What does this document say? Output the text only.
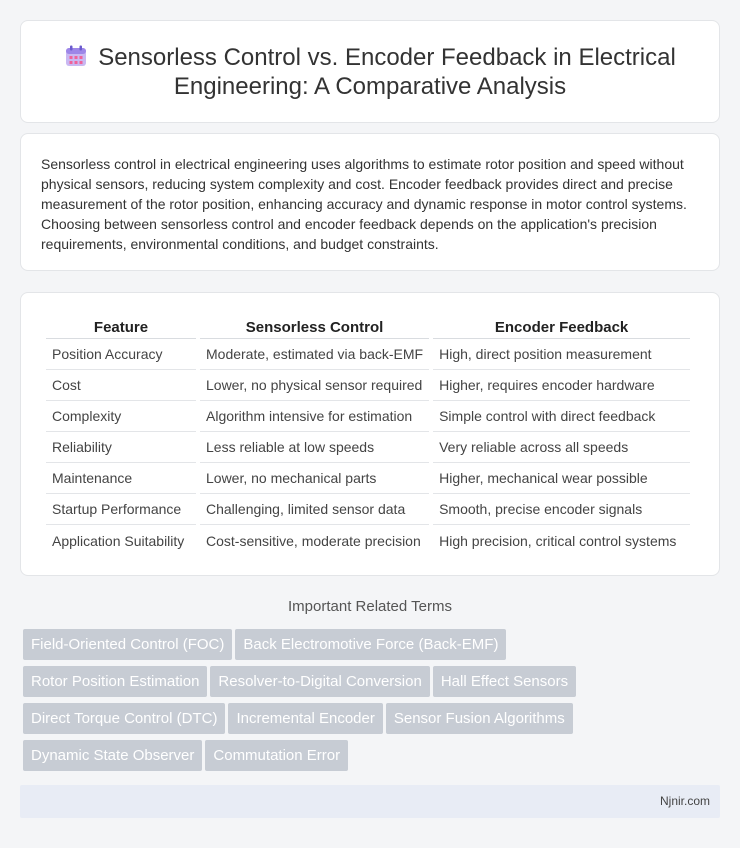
Sensorless Control vs. Encoder Feedback in Electrical Engineering: A Comparative Analysis

Sensorless control in electrical engineering uses algorithms to estimate rotor position and speed without physical sensors, reducing system complexity and cost. Encoder feedback provides direct and precise measurement of the rotor position, enhancing accuracy and dynamic response in motor control systems. Choosing between sensorless control and encoder feedback depends on the application's precision requirements, environmental conditions, and budget constraints.

Feature	Sensorless Control	Encoder Feedback
Position Accuracy	Moderate, estimated via back-EMF	High, direct position measurement
Cost	Lower, no physical sensor required	Higher, requires encoder hardware
Complexity	Algorithm intensive for estimation	Simple control with direct feedback
Reliability	Less reliable at low speeds	Very reliable across all speeds
Maintenance	Lower, no mechanical parts	Higher, mechanical wear possible
Startup Performance	Challenging, limited sensor data	Smooth, precise encoder signals
Application Suitability	Cost-sensitive, moderate precision	High precision, critical control systems
Important Related Terms
Field-Oriented Control (FOC) Back Electromotive Force (Back-EMF)
Rotor Position Estimation Resolver-to-Digital Conversion Hall Effect Sensors
Direct Torque Control (DTC) Incremental Encoder Sensor Fusion Algorithms
Dynamic State Observer Commutation Error
Njnir.com
